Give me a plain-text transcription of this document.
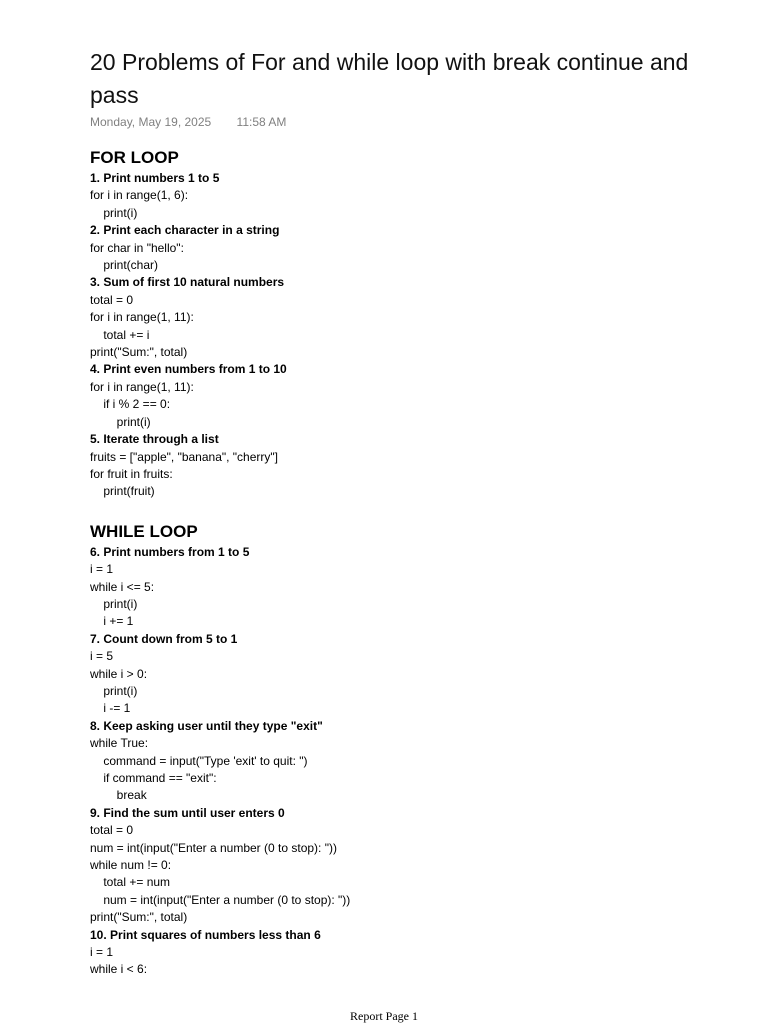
20 Problems of For and while loop with break continue and pass
Monday, May 19, 2025 11:58 AM
FOR LOOP
1. Print numbers 1 to 5
for i in range(1, 6):
print(i)
2. Print each character in a string
for char in "hello":
print(char)
3. Sum of first 10 natural numbers
total = 0
for i in range(1, 11):
total += i
print("Sum:", total)
4. Print even numbers from 1 to 10
for i in range(1, 11):
if i % 2 == 0:
print(i)
5. Iterate through a list
fruits = ["apple", "banana", "cherry"]
for fruit in fruits:
print(fruit)
WHILE LOOP
6. Print numbers from 1 to 5
i = 1
while i <= 5:
print(i)
i += 1
7. Count down from 5 to 1
i = 5
while i > 0:
print(i)
i -= 1
8. Keep asking user until they type "exit"
while True:
command = input("Type 'exit' to quit: ")
if command == "exit":
break
9. Find the sum until user enters 0
total = 0
num = int(input("Enter a number (0 to stop): "))
while num != 0:
total += num
num = int(input("Enter a number (0 to stop): "))
print("Sum:", total)
10. Print squares of numbers less than 6
i = 1
while i < 6:
Report Page 1
